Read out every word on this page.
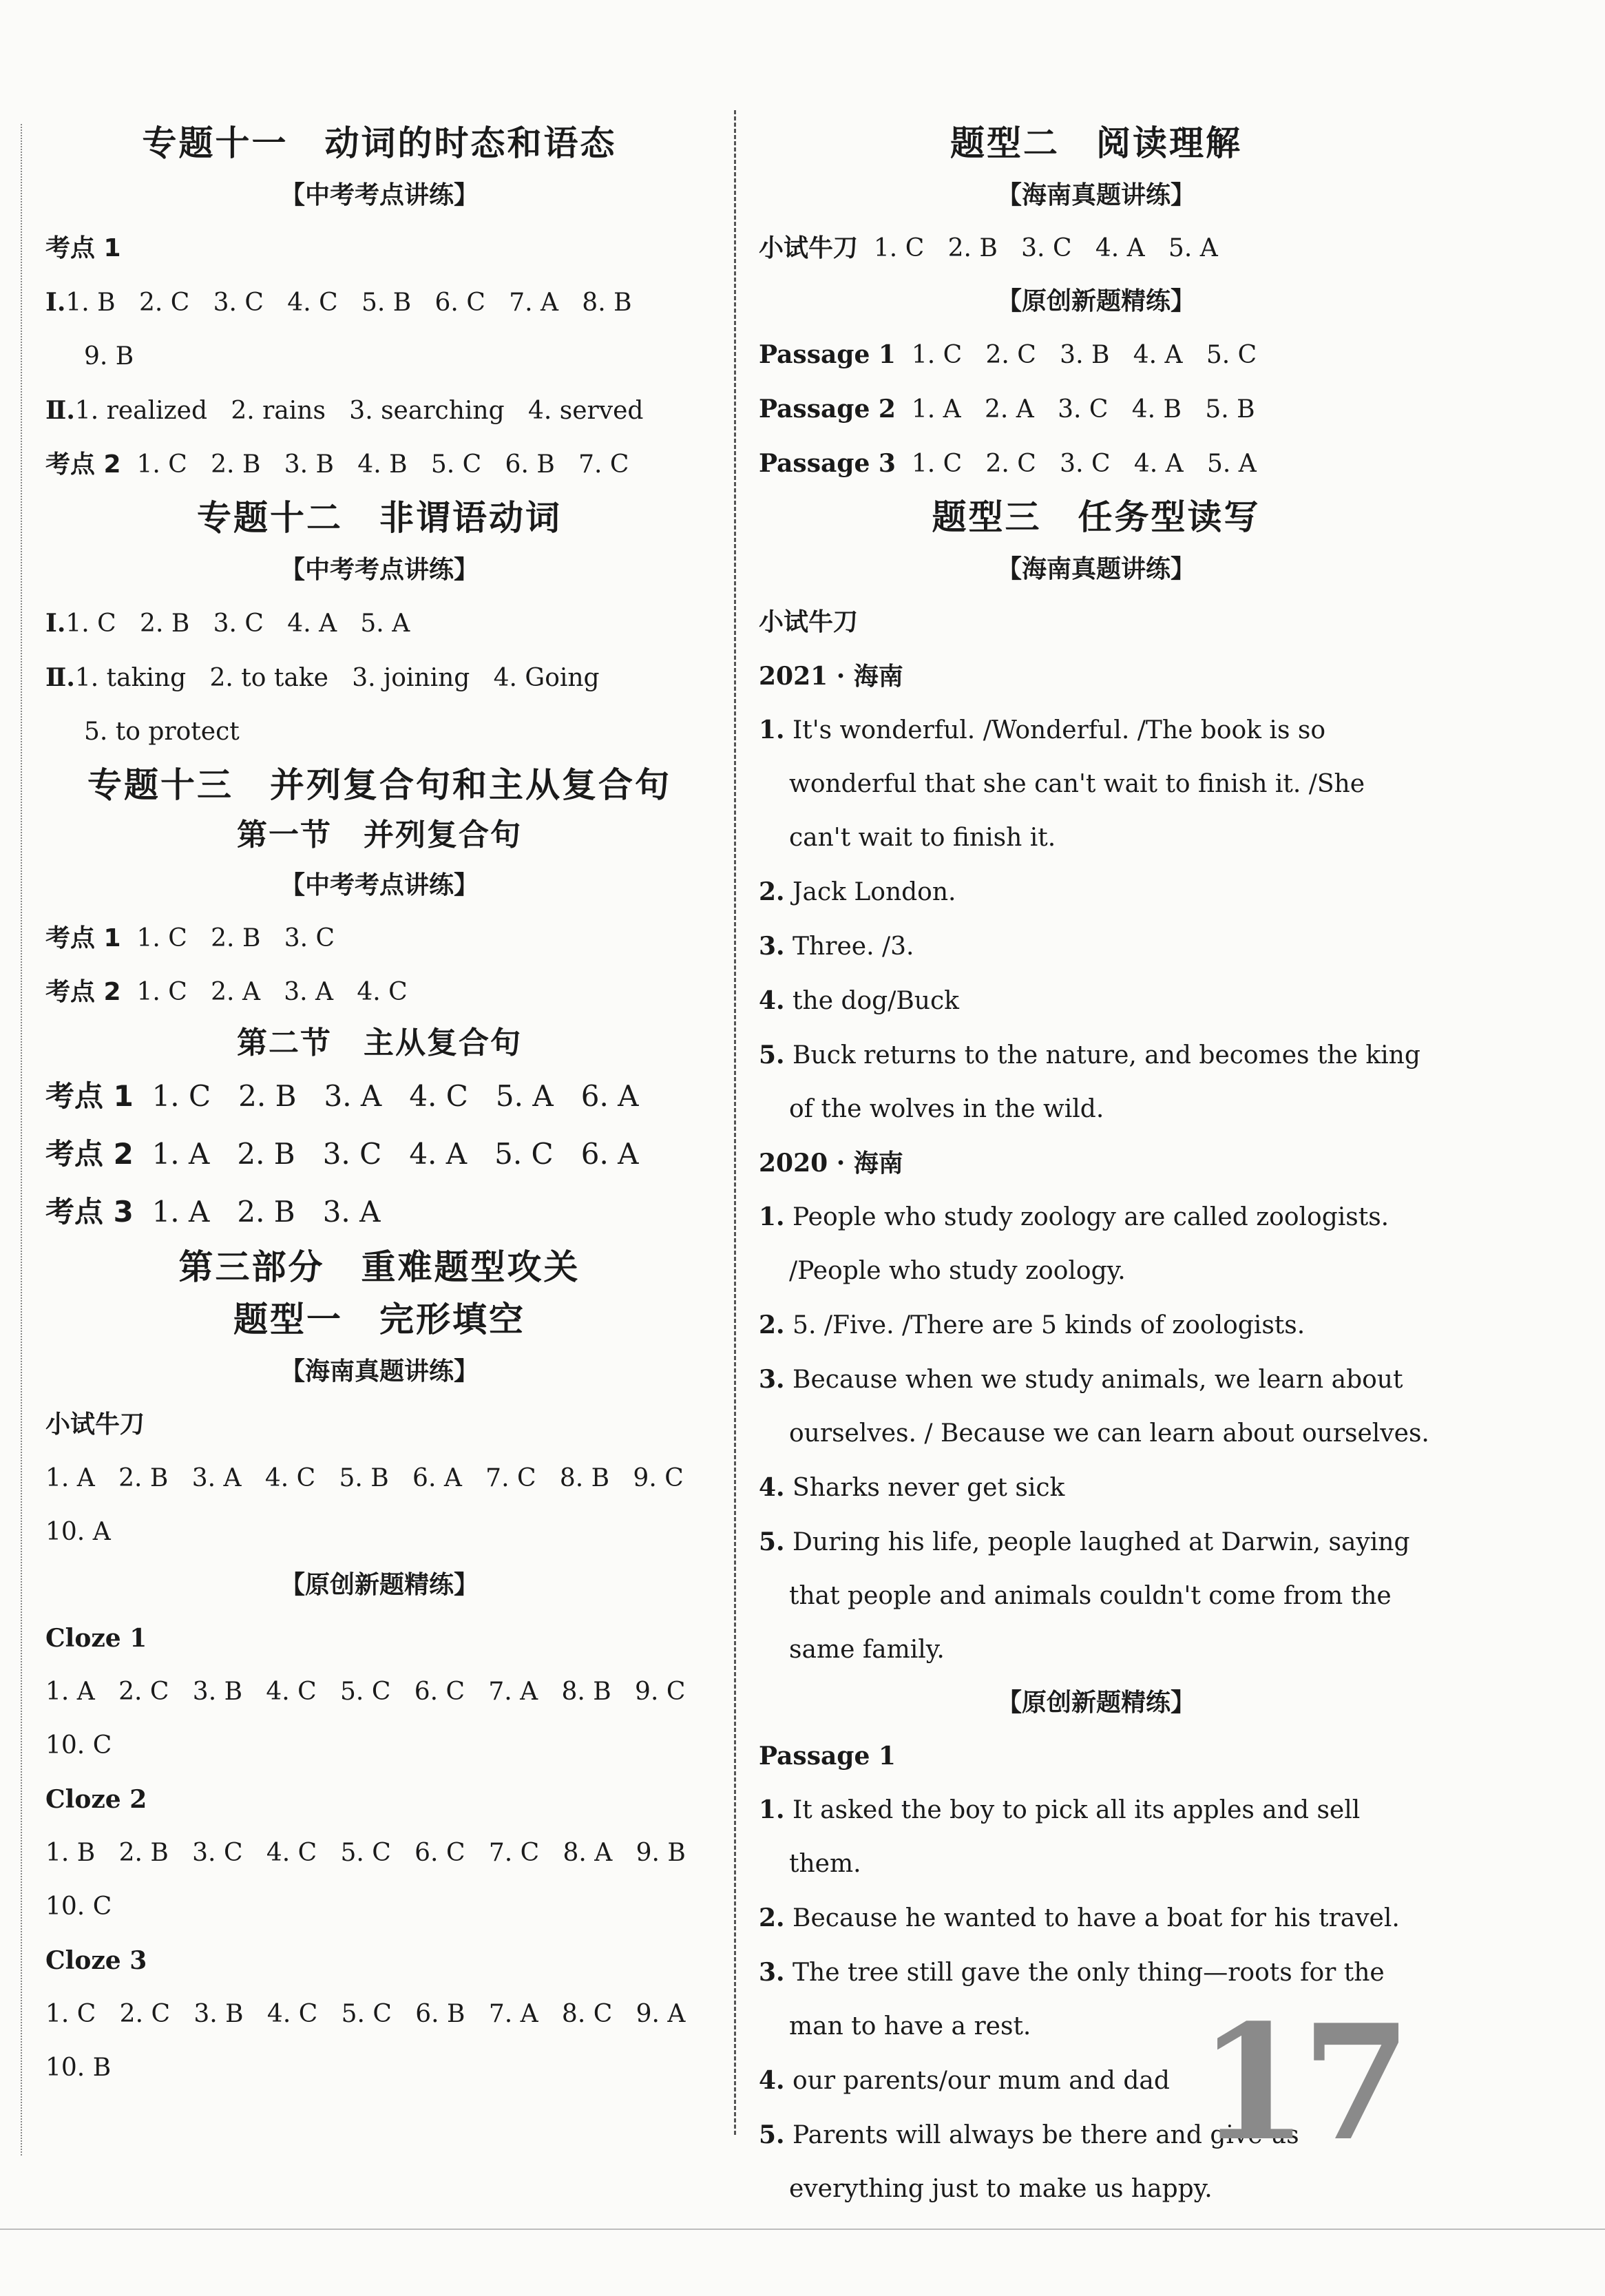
专题十一　动词的时态和语态

【中考考点讲练】

考点 1

Ⅰ.1. B   2. C   3. C   4. C   5. B   6. C   7. A   8. B

9. B

Ⅱ.1. realized   2. rains   3. searching   4. served

考点 2 1. C   2. B   3. B   4. B   5. C   6. B   7. C

专题十二　非谓语动词

【中考考点讲练】

Ⅰ.1. C   2. B   3. C   4. A   5. A

Ⅱ.1. taking   2. to take   3. joining   4. Going

5. to protect

专题十三　并列复合句和主从复合句

第一节　并列复合句

【中考考点讲练】

考点 1 1. C   2. B   3. C

考点 2 1. C   2. A   3. A   4. C

第二节　主从复合句

考点 1 1. C   2. B   3. A   4. C   5. A   6. A

考点 2 1. A   2. B   3. C   4. A   5. C   6. A

考点 3 1. A   2. B   3. A

第三部分　重难题型攻关

题型一　完形填空

【海南真题讲练】

小试牛刀

1. A   2. B   3. A   4. C   5. B   6. A   7. C   8. B   9. C

10. A

【原创新题精练】

Cloze 1

1. A   2. C   3. B   4. C   5. C   6. C   7. A   8. B   9. C

10. C

Cloze 2

1. B   2. B   3. C   4. C   5. C   6. C   7. C   8. A   9. B

10. C

Cloze 3

1. C   2. C   3. B   4. C   5. C   6. B   7. A   8. C   9. A

10. B

题型二　阅读理解

【海南真题讲练】

小试牛刀 1. C   2. B   3. C   4. A   5. A

【原创新题精练】

Passage 1 1. C   2. C   3. B   4. A   5. C

Passage 2 1. A   2. A   3. C   4. B   5. B

Passage 3 1. C   2. C   3. C   4. A   5. A

题型三　任务型读写

【海南真题讲练】

小试牛刀

2021 · 海南

1. It's wonderful. /Wonderful. /The book is so wonderful that she can't wait to finish it. /She can't wait to finish it.

2. Jack London.

3. Three. /3.

4. the dog/Buck

5. Buck returns to the nature, and becomes the king of the wolves in the wild.

2020 · 海南

1. People who study zoology are called zoologists. /People who study zoology.

2. 5. /Five. /There are 5 kinds of zoologists.

3. Because when we study animals, we learn about ourselves. / Because we can learn about ourselves.

4. Sharks never get sick

5. During his life, people laughed at Darwin, saying that people and animals couldn't come from the same family.

【原创新题精练】

Passage 1

1. It asked the boy to pick all its apples and sell them.

2. Because he wanted to have a boat for his travel.

3. The tree still gave the only thing—roots for the man to have a rest.

4. our parents/our mum and dad

5. Parents will always be there and give us everything just to make us happy.

17
